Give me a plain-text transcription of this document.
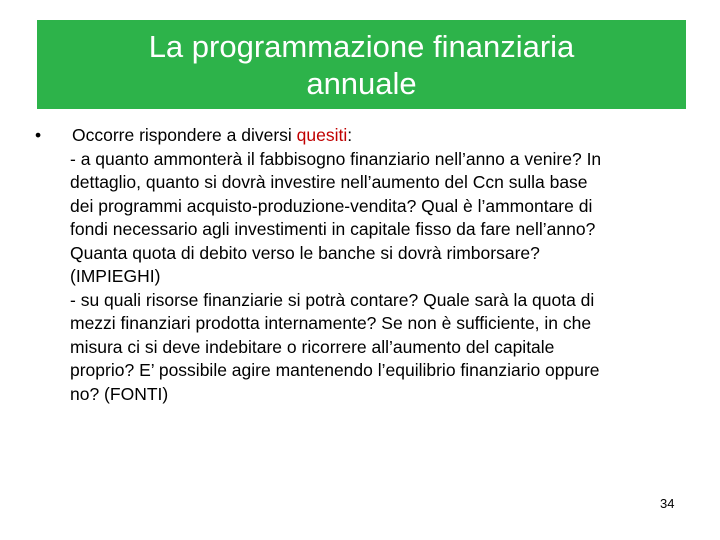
La programmazione finanziaria
annuale
•	Occorre rispondere a diversi quesiti:
- a quanto ammonterà il fabbisogno finanziario nell’anno a venire? In
dettaglio, quanto si dovrà investire nell’aumento del Ccn sulla base
dei programmi acquisto-produzione-vendita? Qual è l’ammontare di
fondi necessario agli investimenti in capitale fisso da fare nell’anno?
Quanta quota di debito verso le banche si dovrà rimborsare?
(IMPIEGHI)
- su quali risorse finanziarie si potrà contare? Quale sarà la quota di
mezzi finanziari prodotta internamente? Se non è sufficiente, in che
misura ci si deve indebitare o ricorrere all’aumento del capitale
proprio? E’ possibile agire mantenendo l’equilibrio finanziario oppure
no? (FONTI)
34
